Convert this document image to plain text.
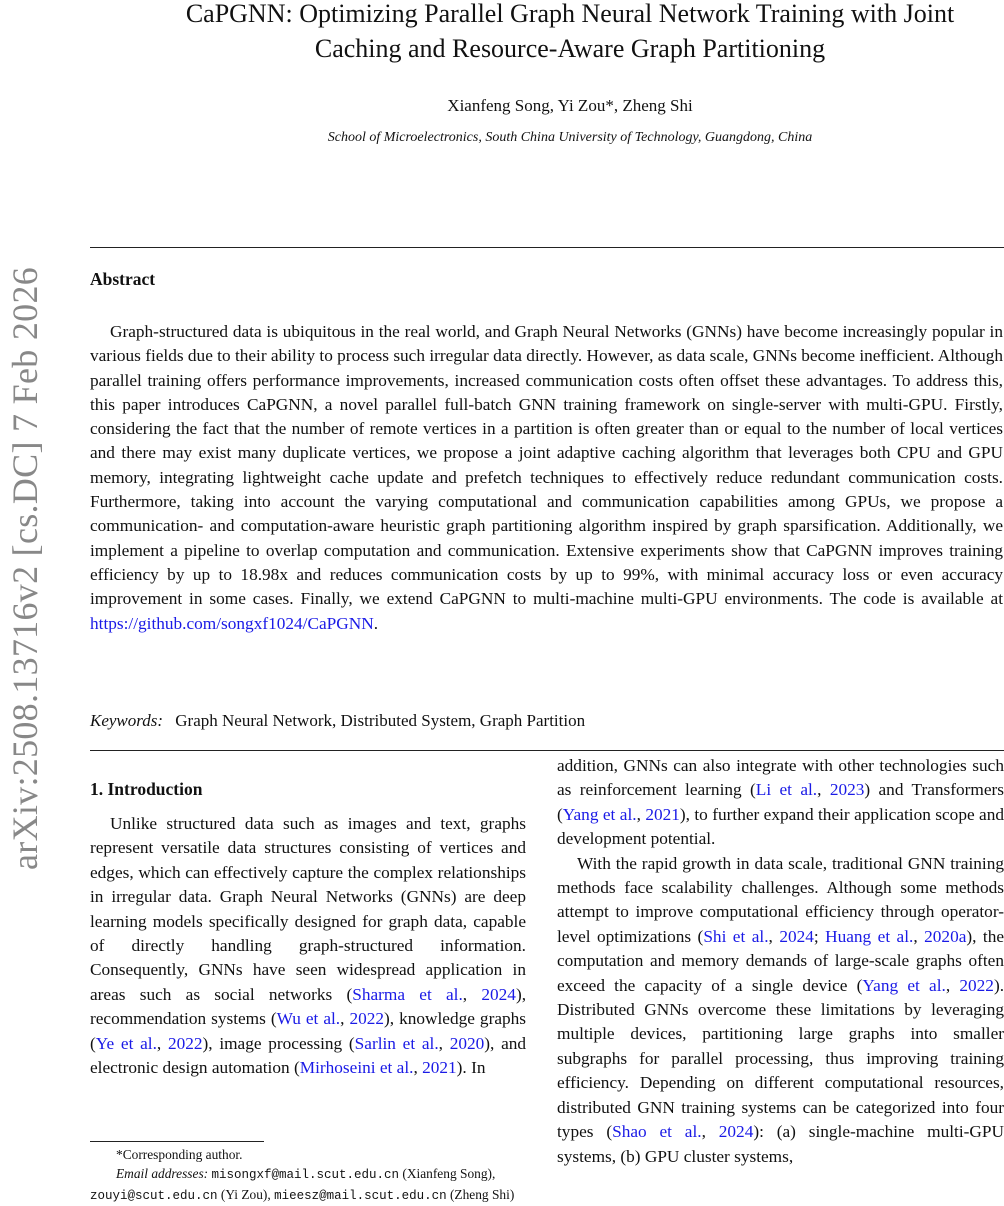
arXiv:2508.13716v2 [cs.DC] 7 Feb 2026
CaPGNN: Optimizing Parallel Graph Neural Network Training with Joint
Caching and Resource-Aware Graph Partitioning
Xianfeng Song, Yi Zou*, Zheng Shi
School of Microelectronics, South China University of Technology, Guangdong, China
Abstract

Graph-structured data is ubiquitous in the real world, and Graph Neural Networks (GNNs) have become increasingly popular in various fields due to their ability to process such irregular data directly. However, as data scale, GNNs become inefficient. Although parallel training offers performance improvements, increased communication costs often offset these advantages. To address this, this paper introduces CaPGNN, a novel parallel full-batch GNN training framework on single-server with multi-GPU. Firstly, considering the fact that the number of remote vertices in a partition is often greater than or equal to the number of local vertices and there may exist many duplicate vertices, we propose a joint adaptive caching algorithm that leverages both CPU and GPU memory, integrating lightweight cache update and prefetch techniques to effectively reduce redundant communication costs. Furthermore, taking into account the varying computational and communication capabilities among GPUs, we propose a communication- and computation-aware heuristic graph partitioning algorithm inspired by graph sparsification. Additionally, we implement a pipeline to overlap computation and communication. Extensive experiments show that CaPGNN improves training efficiency by up to 18.98x and reduces communication costs by up to 99%, with minimal accuracy loss or even accuracy improvement in some cases. Finally, we extend CaPGNN to multi-machine multi-GPU environments. The code is available at https://github.com/songxf1024/CaPGNN.

Keywords: Graph Neural Network, Distributed System, Graph Partition
1. Introduction

Unlike structured data such as images and text, graphs represent versatile data structures consisting of vertices and edges, which can effectively capture the complex relationships in irregular data. Graph Neural Networks (GNNs) are deep learning models specifically designed for graph data, capable of directly handling graph-structured information. Consequently, GNNs have seen widespread application in areas such as social networks (Sharma et al., 2024), recommendation systems (Wu et al., 2022), knowledge graphs (Ye et al., 2022), image processing (Sarlin et al., 2020), and electronic design automation (Mirhoseini et al., 2021). In

addition, GNNs can also integrate with other technologies such as reinforcement learning (Li et al., 2023) and Transformers (Yang et al., 2021), to further expand their application scope and development potential.

With the rapid growth in data scale, traditional GNN training methods face scalability challenges. Although some methods attempt to improve computational efficiency through operator-level optimizations (Shi et al., 2024; Huang et al., 2020a), the computation and memory demands of large-scale graphs often exceed the capacity of a single device (Yang et al., 2022). Distributed GNNs overcome these limitations by leveraging multiple devices, partitioning large graphs into smaller subgraphs for parallel processing, thus improving training efficiency. Depending on different computational resources, distributed GNN training systems can be categorized into four types (Shao et al., 2024): (a) single-machine multi-GPU systems, (b) GPU cluster systems,

*Corresponding author.

Email addresses: misongxf@mail.scut.edu.cn (Xianfeng Song), zouyi@scut.edu.cn (Yi Zou), mieesz@mail.scut.edu.cn (Zheng Shi)
